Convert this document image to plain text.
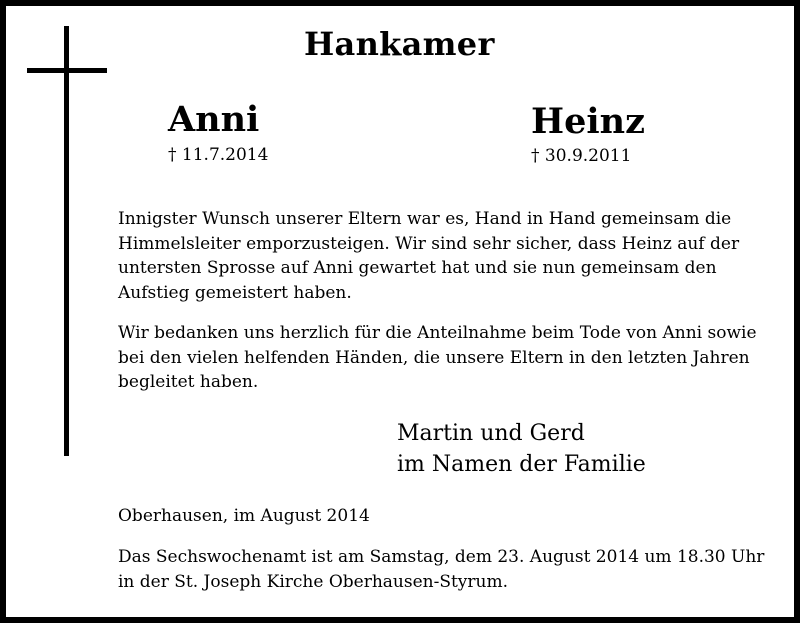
Hankamer
Anni
† 11.7.2014
Heinz
† 30.9.2011
Innigster Wunsch unserer Eltern war es, Hand in Hand gemeinsam die Himmelsleiter emporzusteigen. Wir sind sehr sicher, dass Heinz auf der untersten Sprosse auf Anni gewartet hat und sie nun gemeinsam den Aufstieg gemeistert haben.
Wir bedanken uns herzlich für die Anteilnahme beim Tode von Anni sowie bei den vielen helfenden Händen, die unsere Eltern in den letzten Jahren begleitet haben.
Martin und Gerd
im Namen der Familie
Oberhausen, im August 2014
Das Sechswochenamt ist am Samstag, dem 23. August 2014 um 18.30 Uhr in der St. Joseph Kirche Oberhausen-Styrum.
